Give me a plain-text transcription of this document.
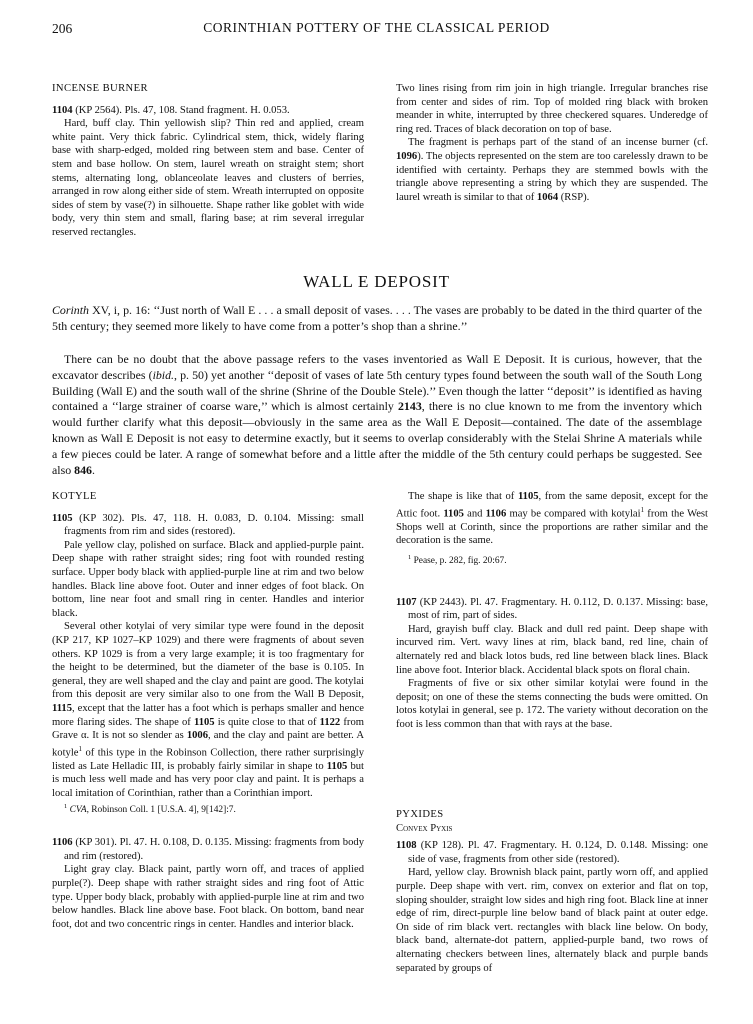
206	CORINTHIAN POTTERY OF THE CLASSICAL PERIOD

INCENSE BURNER

1104 (KP 2564). Pls. 47, 108. Stand fragment. H. 0.053.

Hard, buff clay. Thin yellowish slip? Thin red and applied, cream white paint. Very thick fabric. Cylindrical stem, thick, widely flaring base with sharp-edged, molded ring between stem and base. Center of stem and base hollow. On stem, laurel wreath on straight stem; short stems, alternating long, oblanceolate leaves and clusters of berries, arranged in row along either side of stem. Wreath interrupted on opposite sides of stem by vase(?) in silhouette. Shape rather like goblet with wide body, very thin stem and small, flaring base; at rim several irregular reserved rectangles.

Two lines rising from rim join in high triangle. Irregular branches rise from center and sides of rim. Top of molded ring black with broken meander in white, interrupted by three checkered squares. Underedge of ring red. Traces of black decoration on top of base.

The fragment is perhaps part of the stand of an incense burner (cf. 1096). The objects represented on the stem are too carelessly drawn to be identified with certainty. Perhaps they are stemmed bowls with the triangle above representing a string by which they are suspended. The laurel wreath is similar to that of 1064 (RSP).

WALL E DEPOSIT

Corinth XV, i, p. 16: ‘‘Just north of Wall E . . . a small deposit of vases. . . . The vases are probably to be dated in the third quarter of the 5th century; they seemed more likely to have come from a potter’s shop than a shrine.’’

There can be no doubt that the above passage refers to the vases inventoried as Wall E Deposit. It is curious, however, that the excavator describes (ibid., p. 50) yet another ‘‘deposit of vases of late 5th century types found between the south wall of the South Long Building (Wall E) and the south wall of the shrine (Shrine of the Double Stele).’’ Even though the latter ‘‘deposit’’ is identified as having contained a ‘‘large strainer of coarse ware,’’ which is almost certainly 2143, there is no clue known to me from the inventory which would further clarify what this deposit—obviously in the same area as the Wall E Deposit—contained. The date of the assemblage known as Wall E Deposit is not easy to determine exactly, but it seems to overlap considerably with the Stelai Shrine A materials while a few pieces could be later. A range of somewhat before and a little after the middle of the 5th century could perhaps be suggested. See also 846.

KOTYLE

1105 (KP 302). Pls. 47, 118. H. 0.083, D. 0.104. Missing: small fragments from rim and sides (restored).

Pale yellow clay, polished on surface. Black and applied-purple paint. Deep shape with rather straight sides; ring foot with rounded resting surface. Upper body black with applied-purple line at rim and two below handles. Black line above foot. Outer and inner edges of foot black. On bottom, line near foot and small ring in center. Handles and interior black.

Several other kotylai of very similar type were found in the deposit (KP 217, KP 1027–KP 1029) and there were fragments of about seven others. KP 1029 is from a very large example; it is too fragmentary for the height to be determined, but the diameter of the base is 0.105. In general, they are well shaped and the clay and paint are good. The kotylai from this deposit are very similar also to one from the Wall B Deposit, 1115, except that the latter has a foot which is perhaps smaller and hence more flaring sides. The shape of 1105 is quite close to that of 1122 from Grave α. It is not so slender as 1006, and the clay and paint are better. A kotyle$^1$ of this type in the Robinson Collection, there rather surprisingly listed as Late Helladic III, is probably fairly similar in shape to 1105 but is much less well made and has very poor clay and paint. It is perhaps a local imitation of Corinthian, rather than a Corinthian import.

$^1$ CVA, Robinson Coll. 1 [U.S.A. 4], 9[142]:7.

1106 (KP 301). Pl. 47. H. 0.108, D. 0.135. Missing: fragments from body and rim (restored).

Light gray clay. Black paint, partly worn off, and traces of applied purple(?). Deep shape with rather straight sides and ring foot of Attic type. Upper body black, probably with applied-purple line at rim and two below handles. Black line above base. Foot black. On bottom, band near foot, dot and two concentric rings in center. Handles and interior black.

The shape is like that of 1105, from the same deposit, except for the Attic foot. 1105 and 1106 may be compared with kotylai$^1$ from the West Shops well at Corinth, since the proportions are rather similar and the decoration is the same.

$^1$ Pease, p. 282, fig. 20:67.

1107 (KP 2443). Pl. 47. Fragmentary. H. 0.112, D. 0.137. Missing: base, most of rim, part of sides.

Hard, grayish buff clay. Black and dull red paint. Deep shape with incurved rim. Vert. wavy lines at rim, black band, red line, chain of alternately red and black lotos buds, red line between black lines. Black line above foot. Interior black. Accidental black spots on floral chain.

Fragments of five or six other similar kotylai were found in the deposit; on one of these the stems connecting the buds were omitted. On lotos kotylai in general, see p. 172. The variety without decoration on the foot is less common than that with rays at the base.

PYXIDES

Convex Pyxis

1108 (KP 128). Pl. 47. Fragmentary. H. 0.124, D. 0.148. Missing: one side of vase, fragments from other side (restored).

Hard, yellow clay. Brownish black paint, partly worn off, and applied purple. Deep shape with vert. rim, convex on exterior and flat on top, sloping shoulder, straight low sides and high ring foot. Black line at inner edge of rim, direct-purple line below band of black paint at outer edge. On side of rim black vert. rectangles with black line below. On body, black band, alternate-dot pattern, applied-purple band, two rows of alternating checkers between lines, alternately black and purple bands separated by groups of
